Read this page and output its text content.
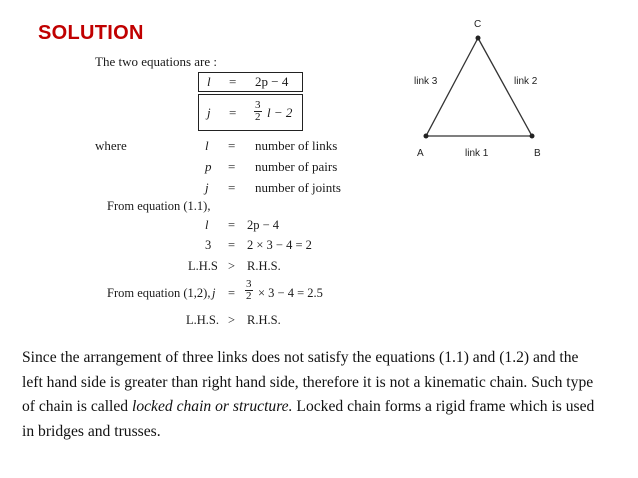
SOLUTION
The two equations are :
l = 2p − 4
$j = \frac{3}{2}$ l − 2
where	l = number of links
p = number of pairs
j = number of joints
From equation (1.1),
l = 2p − 4
3 = 2 × 3 − 4 = 2
L.H.S > R.H.S.
From equation (1,2), $j = \frac{3}{2} \times 3 - 4 = 2.5$
L.H.S. > R.H.S.
C
A	B
link 3	link 2
link 1

Since the arrangement of three links does not satisfy the equations (1.1) and (1.2) and the

left hand side is greater than right hand side, therefore it is not a kinematic chain. Such type

of chain is called locked chain or structure. Locked chain forms a rigid frame which is used

in bridges and trusses.
